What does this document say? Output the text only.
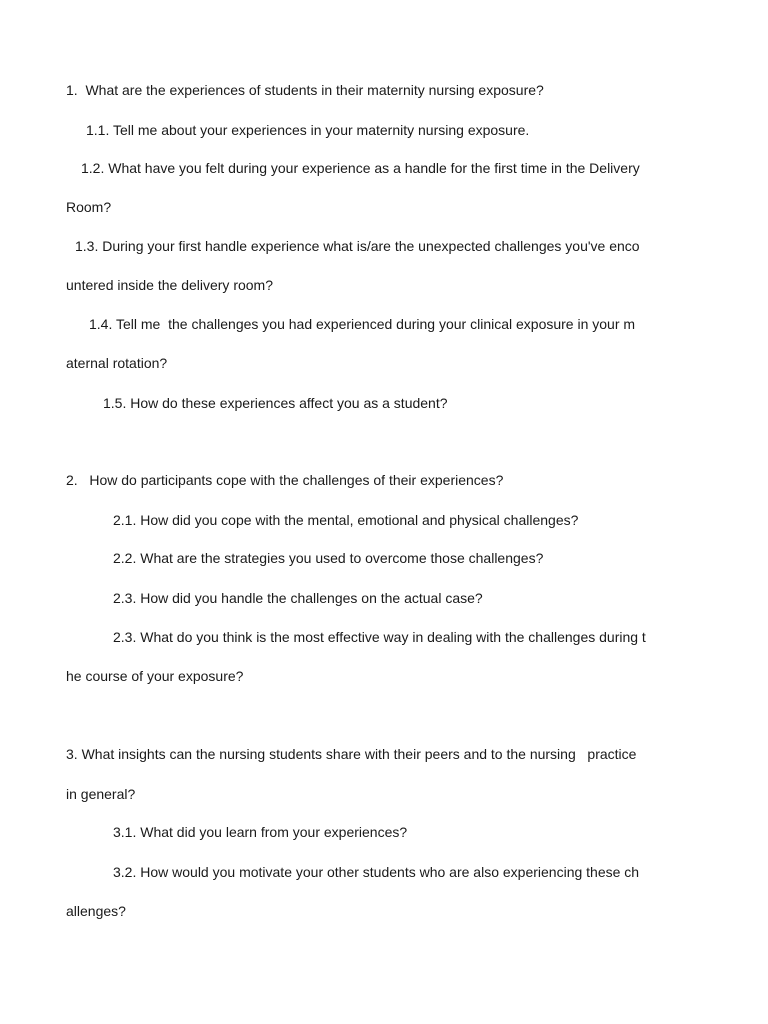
1.  What are the experiences of students in their maternity nursing exposure?
1.1. Tell me about your experiences in your maternity nursing exposure.
1.2. What have you felt during your experience as a handle for the first time in the Delivery
Room?
1.3. During your first handle experience what is/are the unexpected challenges you've enco
untered inside the delivery room?
1.4. Tell me  the challenges you had experienced during your clinical exposure in your m
aternal rotation?
1.5. How do these experiences affect you as a student?
2.   How do participants cope with the challenges of their experiences?
2.1. How did you cope with the mental, emotional and physical challenges?
2.2. What are the strategies you used to overcome those challenges?
2.3. How did you handle the challenges on the actual case?
2.3. What do you think is the most effective way in dealing with the challenges during t
he course of your exposure?
3. What insights can the nursing students share with their peers and to the nursing   practice
in general?
3.1. What did you learn from your experiences?
3.2. How would you motivate your other students who are also experiencing these ch
allenges?
